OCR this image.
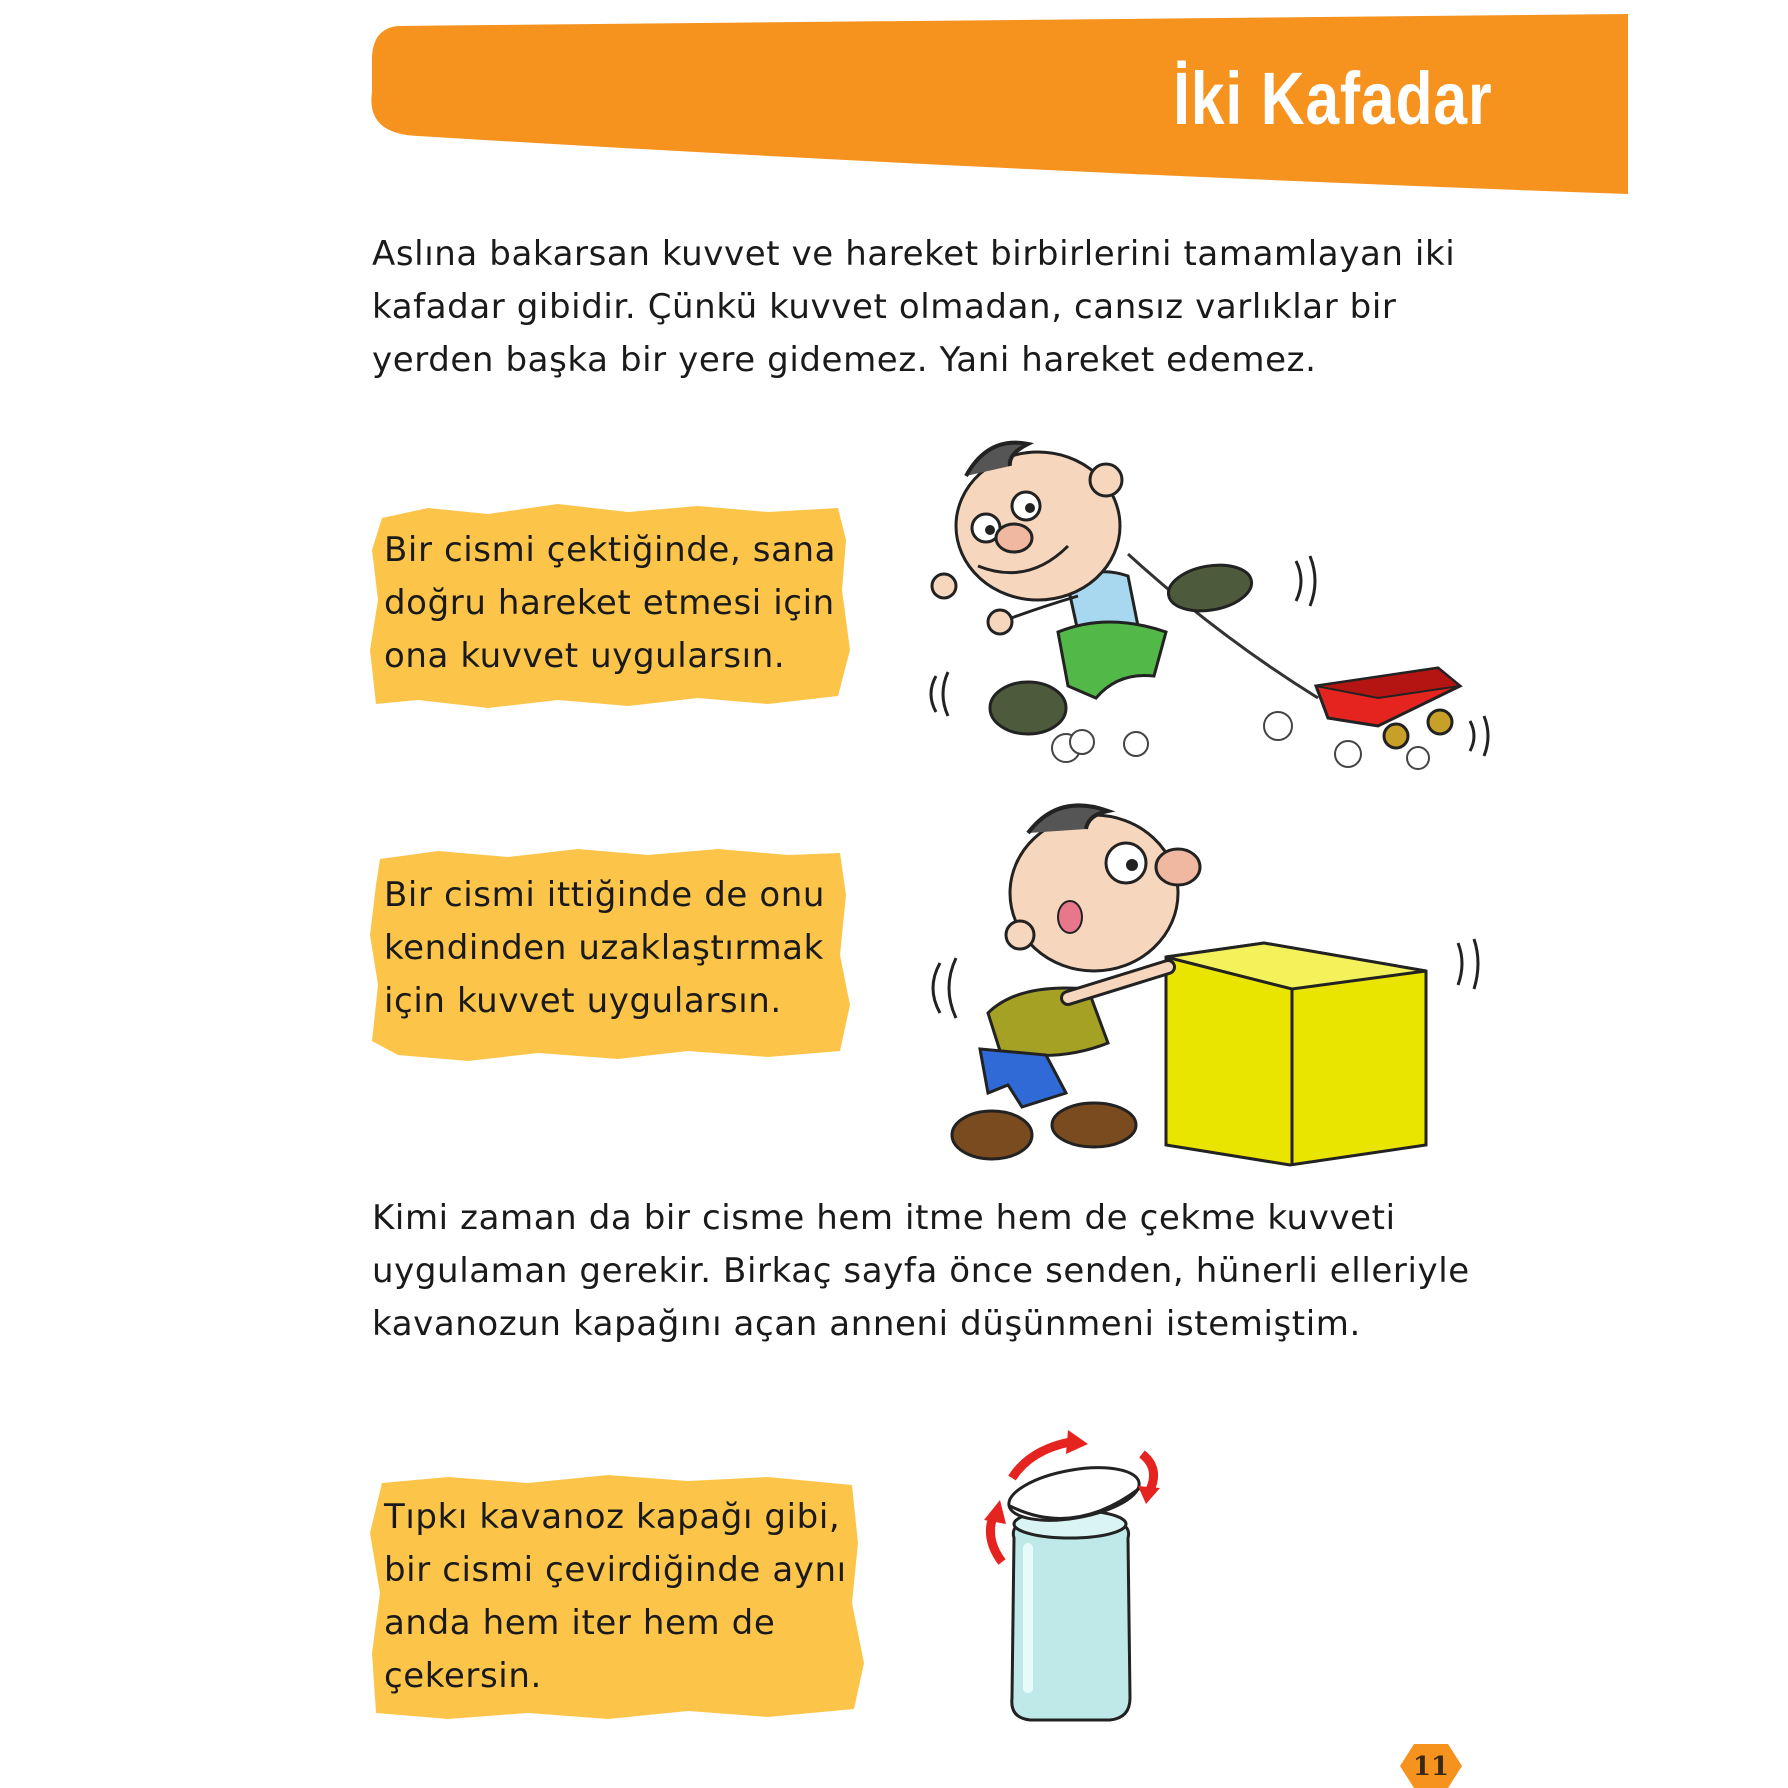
İki Kafadar

Aslına bakarsan kuvvet ve hareket birbirlerini tamamlayan iki
kafadar gibidir. Çünkü kuvvet olmadan, cansız varlıklar bir
yerden başka bir yere gidemez. Yani hareket edemez.

Bir cismi çektiğinde, sana
doğru hareket etmesi için
ona kuvvet uygularsın.

Bir cismi ittiğinde de onu
kendinden uzaklaştırmak
için kuvvet uygularsın.

Kimi zaman da bir cisme hem itme hem de çekme kuvveti
uygulaman gerekir. Birkaç sayfa önce senden, hünerli elleriyle
kavanozun kapağını açan anneni düşünmeni istemiştim.

Tıpkı kavanoz kapağı gibi,
bir cismi çevirdiğinde aynı
anda hem iter hem de
çekersin.

11
